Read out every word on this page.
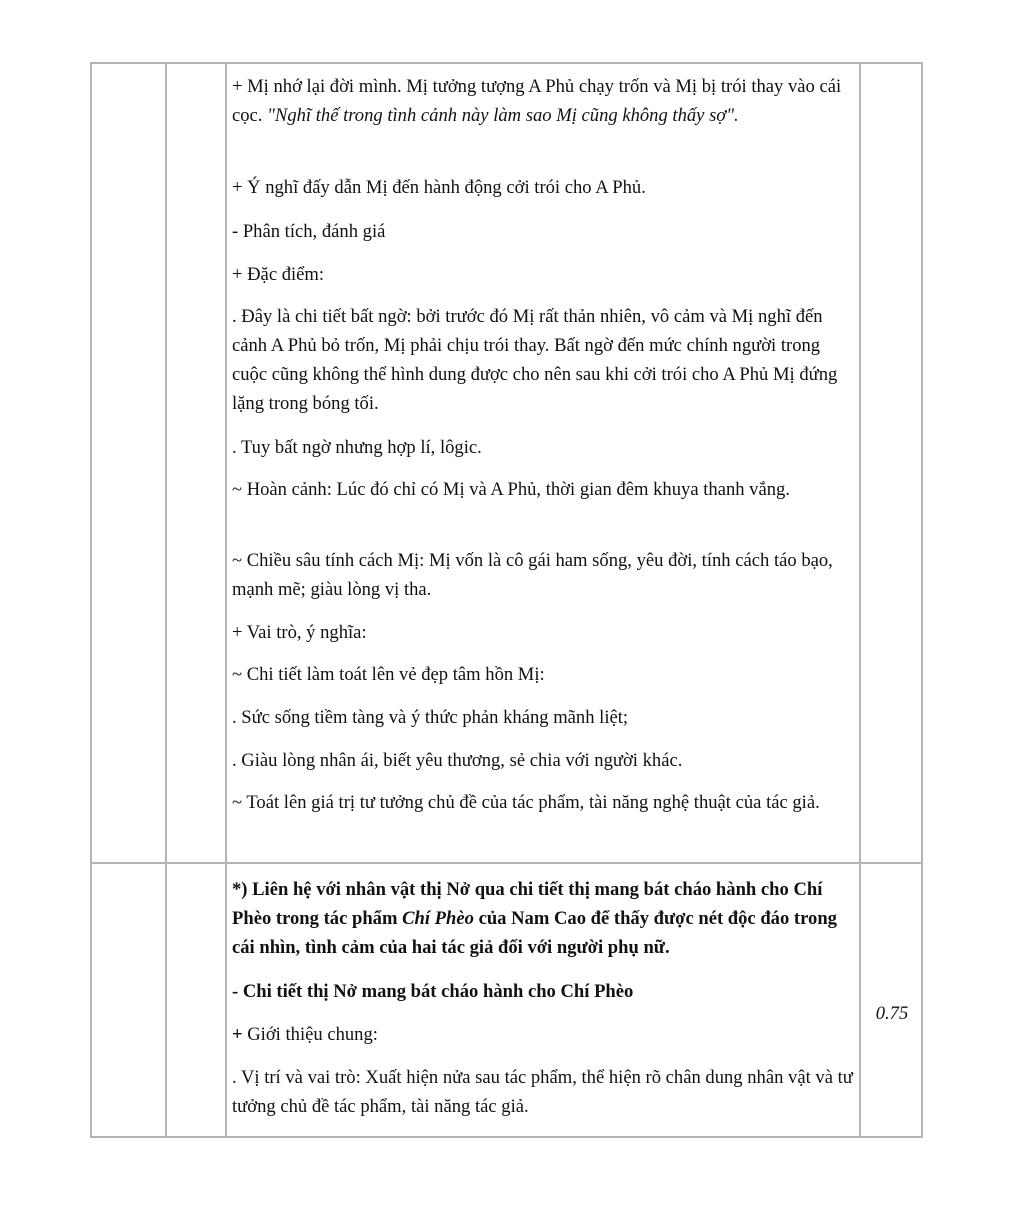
+ Mị nhớ lại đời mình. Mị tưởng tượng A Phủ chạy trốn và Mị bị trói thay vào cái cọc. "Nghĩ thế trong tình cảnh này làm sao Mị cũng không thấy sợ".

+ Ý nghĩ đấy dẫn Mị đến hành động cởi trói cho A Phủ.

- Phân tích, đánh giá

+ Đặc điểm:

. Đây là chi tiết bất ngờ: bởi trước đó Mị rất thản nhiên, vô cảm và Mị nghĩ đến cảnh A Phủ bỏ trốn, Mị phải chịu trói thay. Bất ngờ đến mức chính người trong cuộc cũng không thể hình dung được cho nên sau khi cởi trói cho A Phủ Mị đứng lặng trong bóng tối.

. Tuy bất ngờ nhưng hợp lí, lôgic.

~ Hoàn cảnh: Lúc đó chỉ có Mị và A Phủ, thời gian đêm khuya thanh vắng.

~ Chiều sâu tính cách Mị: Mị vốn là cô gái ham sống, yêu đời, tính cách táo bạo, mạnh mẽ; giàu lòng vị tha.

+ Vai trò, ý nghĩa:

~ Chi tiết làm toát lên vẻ đẹp tâm hồn Mị:

. Sức sống tiềm tàng và ý thức phản kháng mãnh liệt;

. Giàu lòng nhân ái, biết yêu thương, sẻ chia với người khác.

~ Toát lên giá trị tư tưởng chủ đề của tác phẩm, tài năng nghệ thuật của tác giả.

*) Liên hệ với nhân vật thị Nở qua chi tiết thị mang bát cháo hành cho Chí Phèo trong tác phẩm Chí Phèo của Nam Cao để thấy được nét độc đáo trong cái nhìn, tình cảm của hai tác giả đối với người phụ nữ.

- Chi tiết thị Nở mang bát cháo hành cho Chí Phèo

+ Giới thiệu chung:

. Vị trí và vai trò: Xuất hiện nửa sau tác phẩm, thể hiện rõ chân dung nhân vật và tư tưởng chủ đề tác phẩm, tài năng tác giả.

0.75
